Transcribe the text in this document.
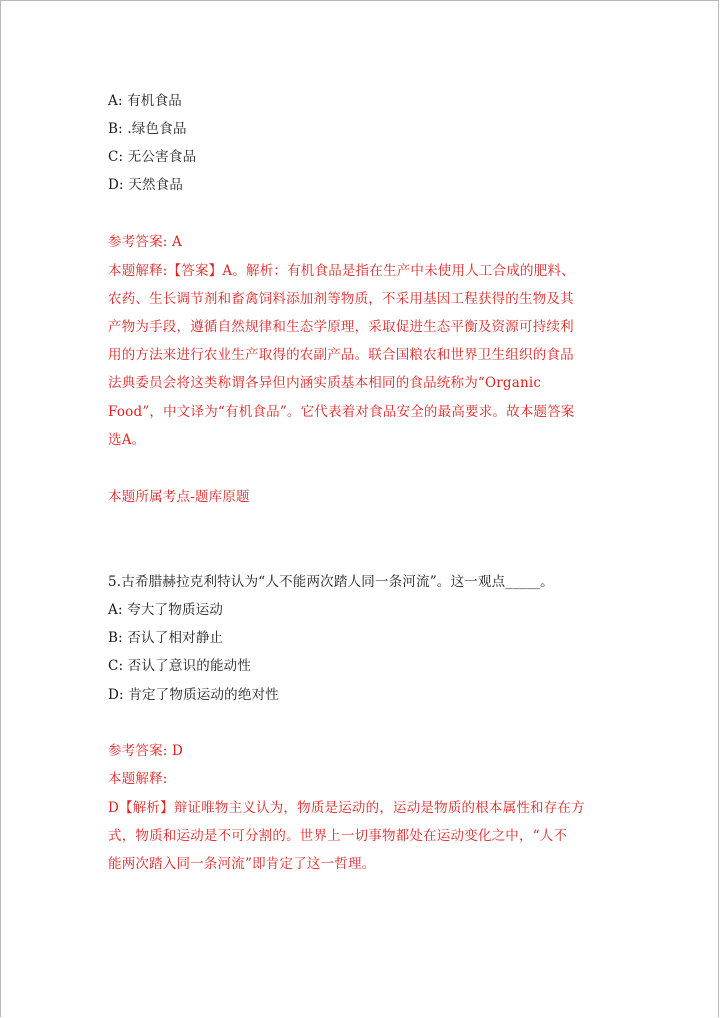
A: 有机食品
B: .绿色食品
C: 无公害食品
D: 天然食品
参考答案: A
本题解释:【答案】A。解析：有机食品是指在生产中未使用人工合成的肥料、
农药、生长调节剂和畜禽饲料添加剂等物质，不采用基因工程获得的生物及其
产物为手段，遵循自然规律和生态学原理，采取促进生态平衡及资源可持续利
用的方法来进行农业生产取得的农副产品。联合国粮农和世界卫生组织的食品
法典委员会将这类称谓各异但内涵实质基本相同的食品统称为“Organic
Food”，中文译为“有机食品”。它代表着对食品安全的最高要求。故本题答案
选A。
本题所属考点-题库原题
5.古希腊赫拉克利特认为“人不能两次踏人同一条河流”。这一观点_____。
A: 夸大了物质运动
B: 否认了相对静止
C: 否认了意识的能动性
D: 肯定了物质运动的绝对性
参考答案: D
本题解释:
D【解析】辩证唯物主义认为，物质是运动的，运动是物质的根本属性和存在方
式，物质和运动是不可分割的。世界上一切事物都处在运动变化之中，“人不
能两次踏入同一条河流”即肯定了这一哲理。
